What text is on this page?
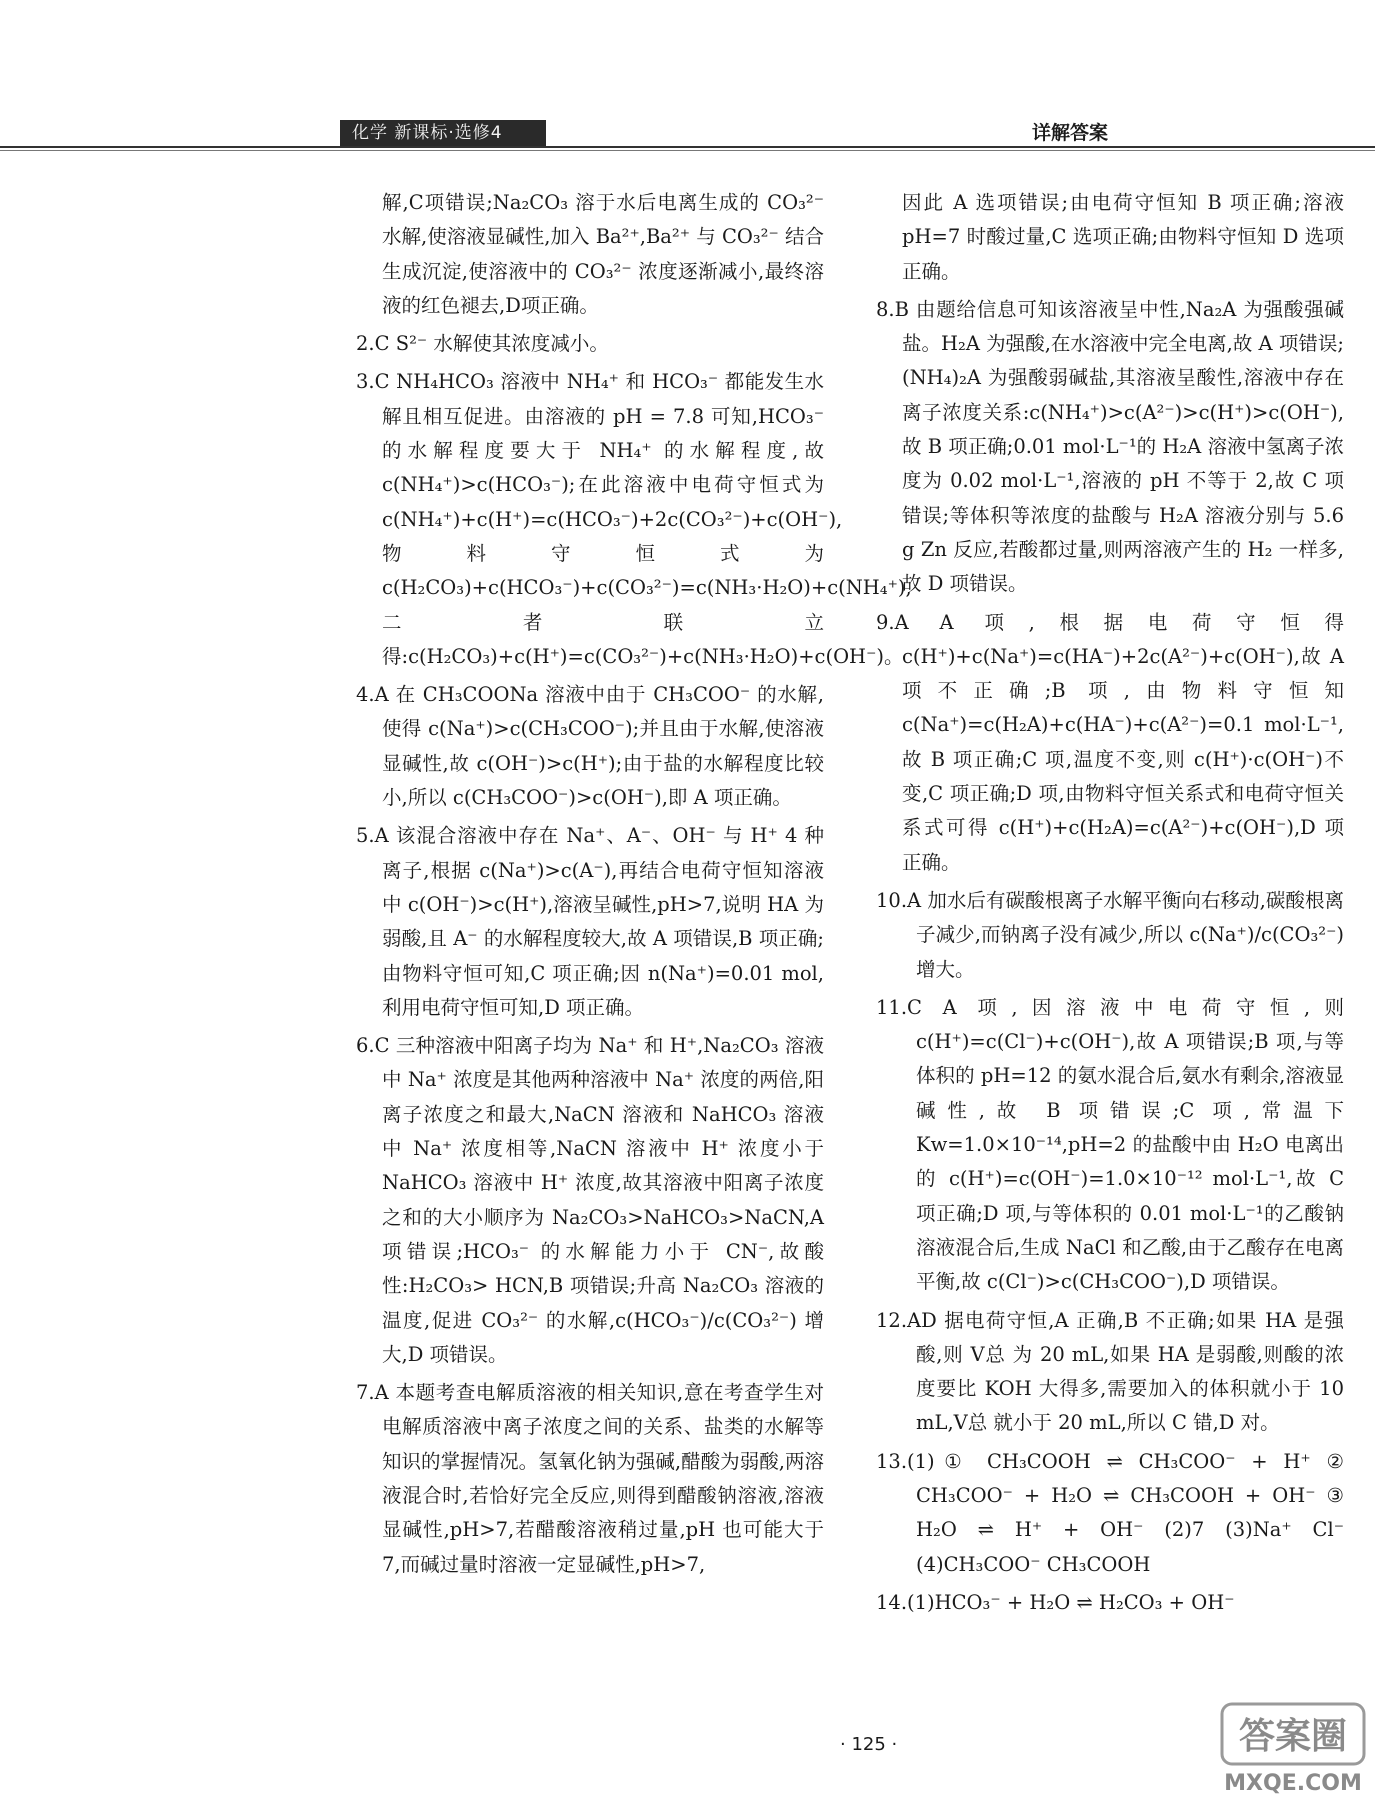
化学 新课标·选修4	详解答案

解,C项错误;Na₂CO₃ 溶于水后电离生成的 CO₃²⁻ 水解,使溶液显碱性,加入 Ba²⁺,Ba²⁺ 与 CO₃²⁻ 结合生成沉淀,使溶液中的 CO₃²⁻ 浓度逐渐减小,最终溶液的红色褪去,D项正确。

2.C S²⁻ 水解使其浓度减小。

3.C NH₄HCO₃ 溶液中 NH₄⁺ 和 HCO₃⁻ 都能发生水解且相互促进。由溶液的 pH = 7.8 可知,HCO₃⁻ 的水解程度要大于 NH₄⁺ 的水解程度,故 c(NH₄⁺)>c(HCO₃⁻);在此溶液中电荷守恒式为 c(NH₄⁺)+c(H⁺)=c(HCO₃⁻)+2c(CO₃²⁻)+c(OH⁻),物料守恒式为 c(H₂CO₃)+c(HCO₃⁻)+c(CO₃²⁻)=c(NH₃·H₂O)+c(NH₄⁺),二者联立得:c(H₂CO₃)+c(H⁺)=c(CO₃²⁻)+c(NH₃·H₂O)+c(OH⁻)。

4.A 在 CH₃COONa 溶液中由于 CH₃COO⁻ 的水解,使得 c(Na⁺)>c(CH₃COO⁻);并且由于水解,使溶液显碱性,故 c(OH⁻)>c(H⁺);由于盐的水解程度比较小,所以 c(CH₃COO⁻)>c(OH⁻),即 A 项正确。

5.A 该混合溶液中存在 Na⁺、A⁻、OH⁻ 与 H⁺ 4 种离子,根据 c(Na⁺)>c(A⁻),再结合电荷守恒知溶液中 c(OH⁻)>c(H⁺),溶液呈碱性,pH>7,说明 HA 为弱酸,且 A⁻ 的水解程度较大,故 A 项错误,B 项正确;由物料守恒可知,C 项正确;因 n(Na⁺)=0.01 mol,利用电荷守恒可知,D 项正确。

6.C 三种溶液中阳离子均为 Na⁺ 和 H⁺,Na₂CO₃ 溶液中 Na⁺ 浓度是其他两种溶液中 Na⁺ 浓度的两倍,阳离子浓度之和最大,NaCN 溶液和 NaHCO₃ 溶液中 Na⁺ 浓度相等,NaCN 溶液中 H⁺ 浓度小于 NaHCO₃ 溶液中 H⁺ 浓度,故其溶液中阳离子浓度之和的大小顺序为 Na₂CO₃>NaHCO₃>NaCN,A 项错误;HCO₃⁻ 的水解能力小于 CN⁻,故酸性:H₂CO₃> HCN,B 项错误;升高 Na₂CO₃ 溶液的温度,促进 CO₃²⁻ 的水解,c(HCO₃⁻)/c(CO₃²⁻) 增大,D 项错误。

7.A 本题考查电解质溶液的相关知识,意在考查学生对电解质溶液中离子浓度之间的关系、盐类的水解等知识的掌握情况。氢氧化钠为强碱,醋酸为弱酸,两溶液混合时,若恰好完全反应,则得到醋酸钠溶液,溶液显碱性,pH>7,若醋酸溶液稍过量,pH 也可能大于 7,而碱过量时溶液一定显碱性,pH>7,

因此 A 选项错误;由电荷守恒知 B 项正确;溶液 pH=7 时酸过量,C 选项正确;由物料守恒知 D 选项正确。

8.B 由题给信息可知该溶液呈中性,Na₂A 为强酸强碱盐。H₂A 为强酸,在水溶液中完全电离,故 A 项错误;(NH₄)₂A 为强酸弱碱盐,其溶液呈酸性,溶液中存在离子浓度关系:c(NH₄⁺)>c(A²⁻)>c(H⁺)>c(OH⁻),故 B 项正确;0.01 mol·L⁻¹的 H₂A 溶液中氢离子浓度为 0.02 mol·L⁻¹,溶液的 pH 不等于 2,故 C 项错误;等体积等浓度的盐酸与 H₂A 溶液分别与 5.6 g Zn 反应,若酸都过量,则两溶液产生的 H₂ 一样多,故 D 项错误。

9.A A 项,根据电荷守恒得 c(H⁺)+c(Na⁺)=c(HA⁻)+2c(A²⁻)+c(OH⁻),故 A 项不正确;B 项,由物料守恒知 c(Na⁺)=c(H₂A)+c(HA⁻)+c(A²⁻)=0.1 mol·L⁻¹,故 B 项正确;C 项,温度不变,则 c(H⁺)·c(OH⁻)不变,C 项正确;D 项,由物料守恒关系式和电荷守恒关系式可得 c(H⁺)+c(H₂A)=c(A²⁻)+c(OH⁻),D 项正确。

10.A 加水后有碳酸根离子水解平衡向右移动,碳酸根离子减少,而钠离子没有减少,所以 c(Na⁺)/c(CO₃²⁻)增大。

11.C A 项,因溶液中电荷守恒,则 c(H⁺)=c(Cl⁻)+c(OH⁻),故 A 项错误;B 项,与等体积的 pH=12 的氨水混合后,氨水有剩余,溶液显碱性,故 B 项错误;C 项,常温下 Kw=1.0×10⁻¹⁴,pH=2 的盐酸中由 H₂O 电离出的 c(H⁺)=c(OH⁻)=1.0×10⁻¹² mol·L⁻¹,故 C 项正确;D 项,与等体积的 0.01 mol·L⁻¹的乙酸钠溶液混合后,生成 NaCl 和乙酸,由于乙酸存在电离平衡,故 c(Cl⁻)>c(CH₃COO⁻),D 项错误。

12.AD 据电荷守恒,A 正确,B 不正确;如果 HA 是强酸,则 V总 为 20 mL,如果 HA 是弱酸,则酸的浓度要比 KOH 大得多,需要加入的体积就小于 10 mL,V总 就小于 20 mL,所以 C 错,D 对。

13.(1)① CH₃COOH ⇌ CH₃COO⁻ + H⁺ ② CH₃COO⁻ + H₂O ⇌ CH₃COOH + OH⁻ ③ H₂O ⇌ H⁺ + OH⁻ (2)7 (3)Na⁺ Cl⁻ (4)CH₃COO⁻ CH₃COOH

14.(1)HCO₃⁻ + H₂O ⇌ H₂CO₃ + OH⁻

· 125 ·	答案圈
MXQE.COM
